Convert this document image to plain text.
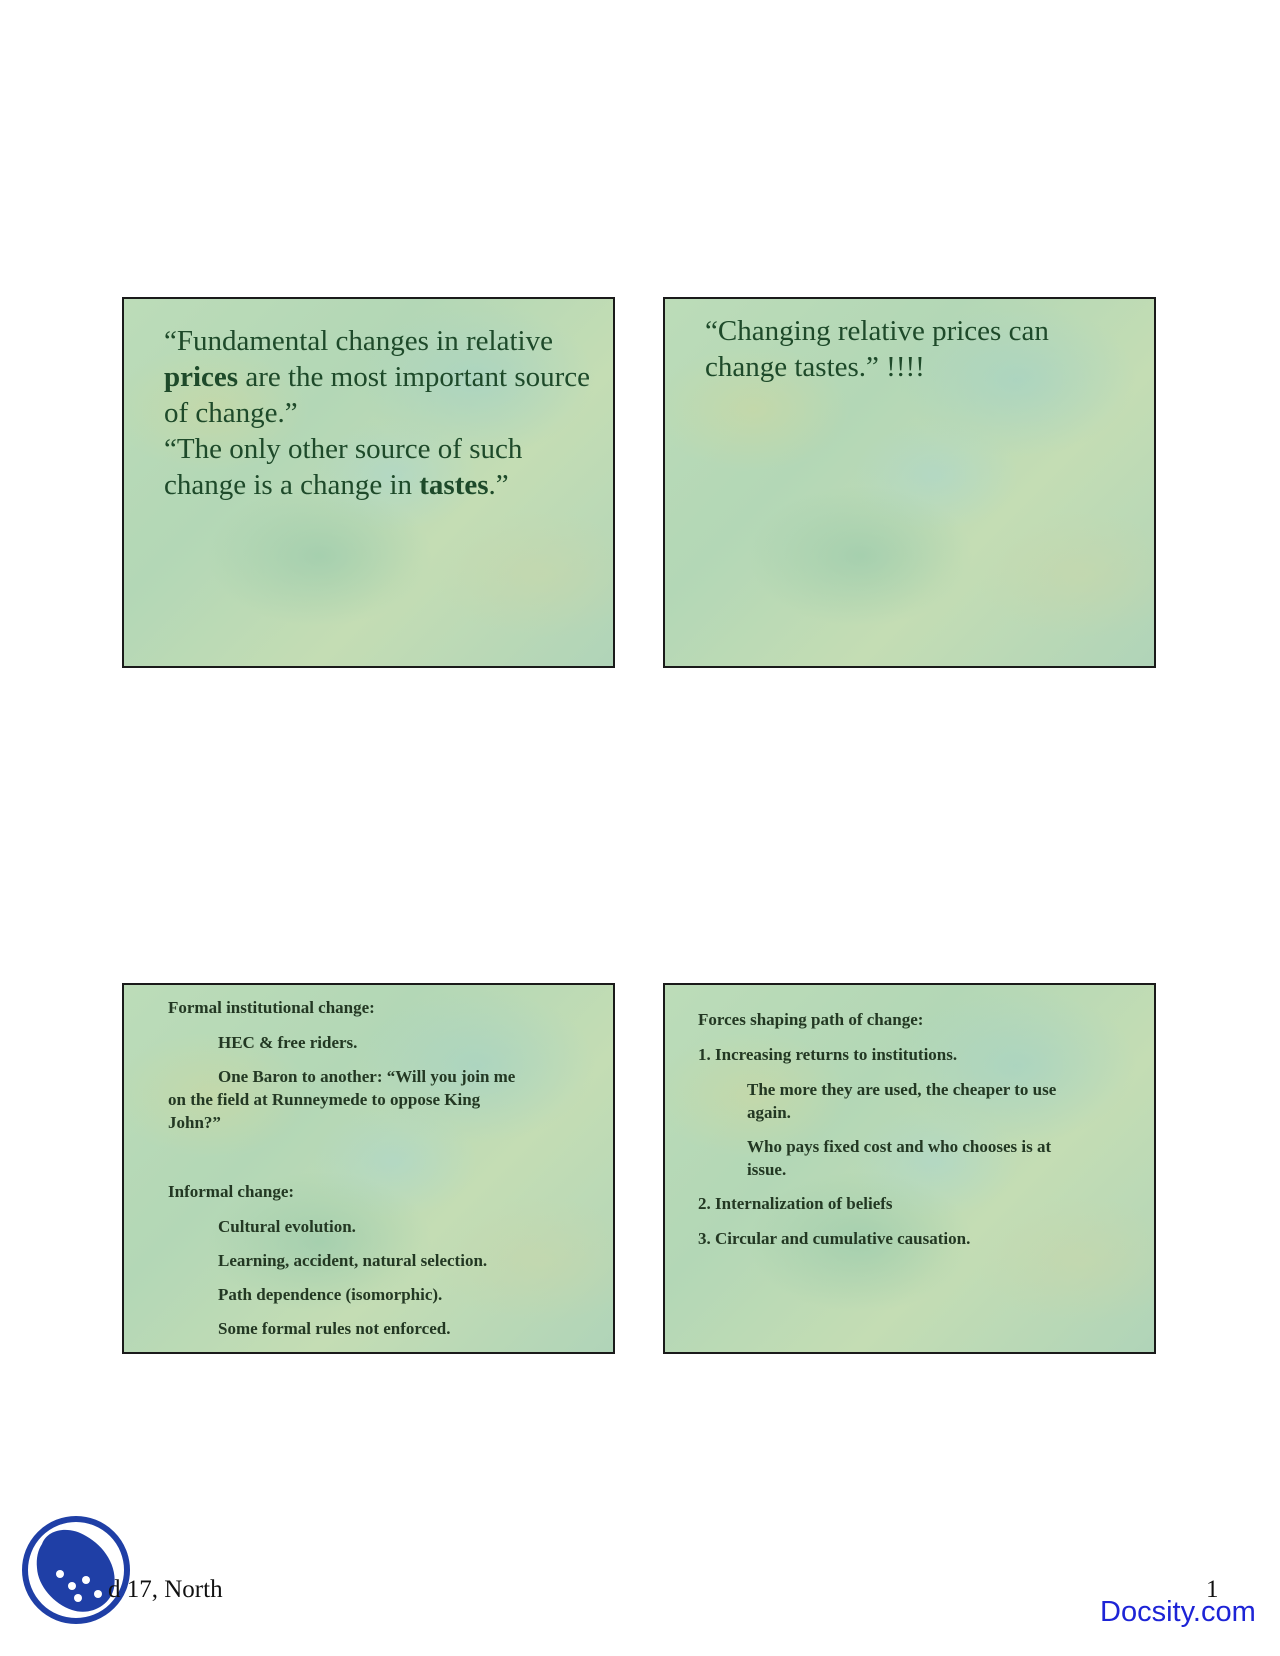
“Fundamental changes in relative prices are the most important source of change.”

“The only other source of such change is a change in tastes.”

“Changing relative prices can

change tastes.” !!!!

Formal institutional change:
HEC & free riders.
One Baron to another: “Will you join me
on the field at Runneymede to oppose King
John?”
Informal change:
Cultural evolution.
Learning, accident, natural selection.
Path dependence (isomorphic).
Some formal rules not enforced.
Forces shaping path of change:
1. Increasing returns to institutions.
The more they are used, the cheaper to use
again.
Who pays fixed cost and who chooses is at
issue.
2. Internalization of beliefs
3. Circular and cumulative causation.
d 17, North	1
Docsity.com
